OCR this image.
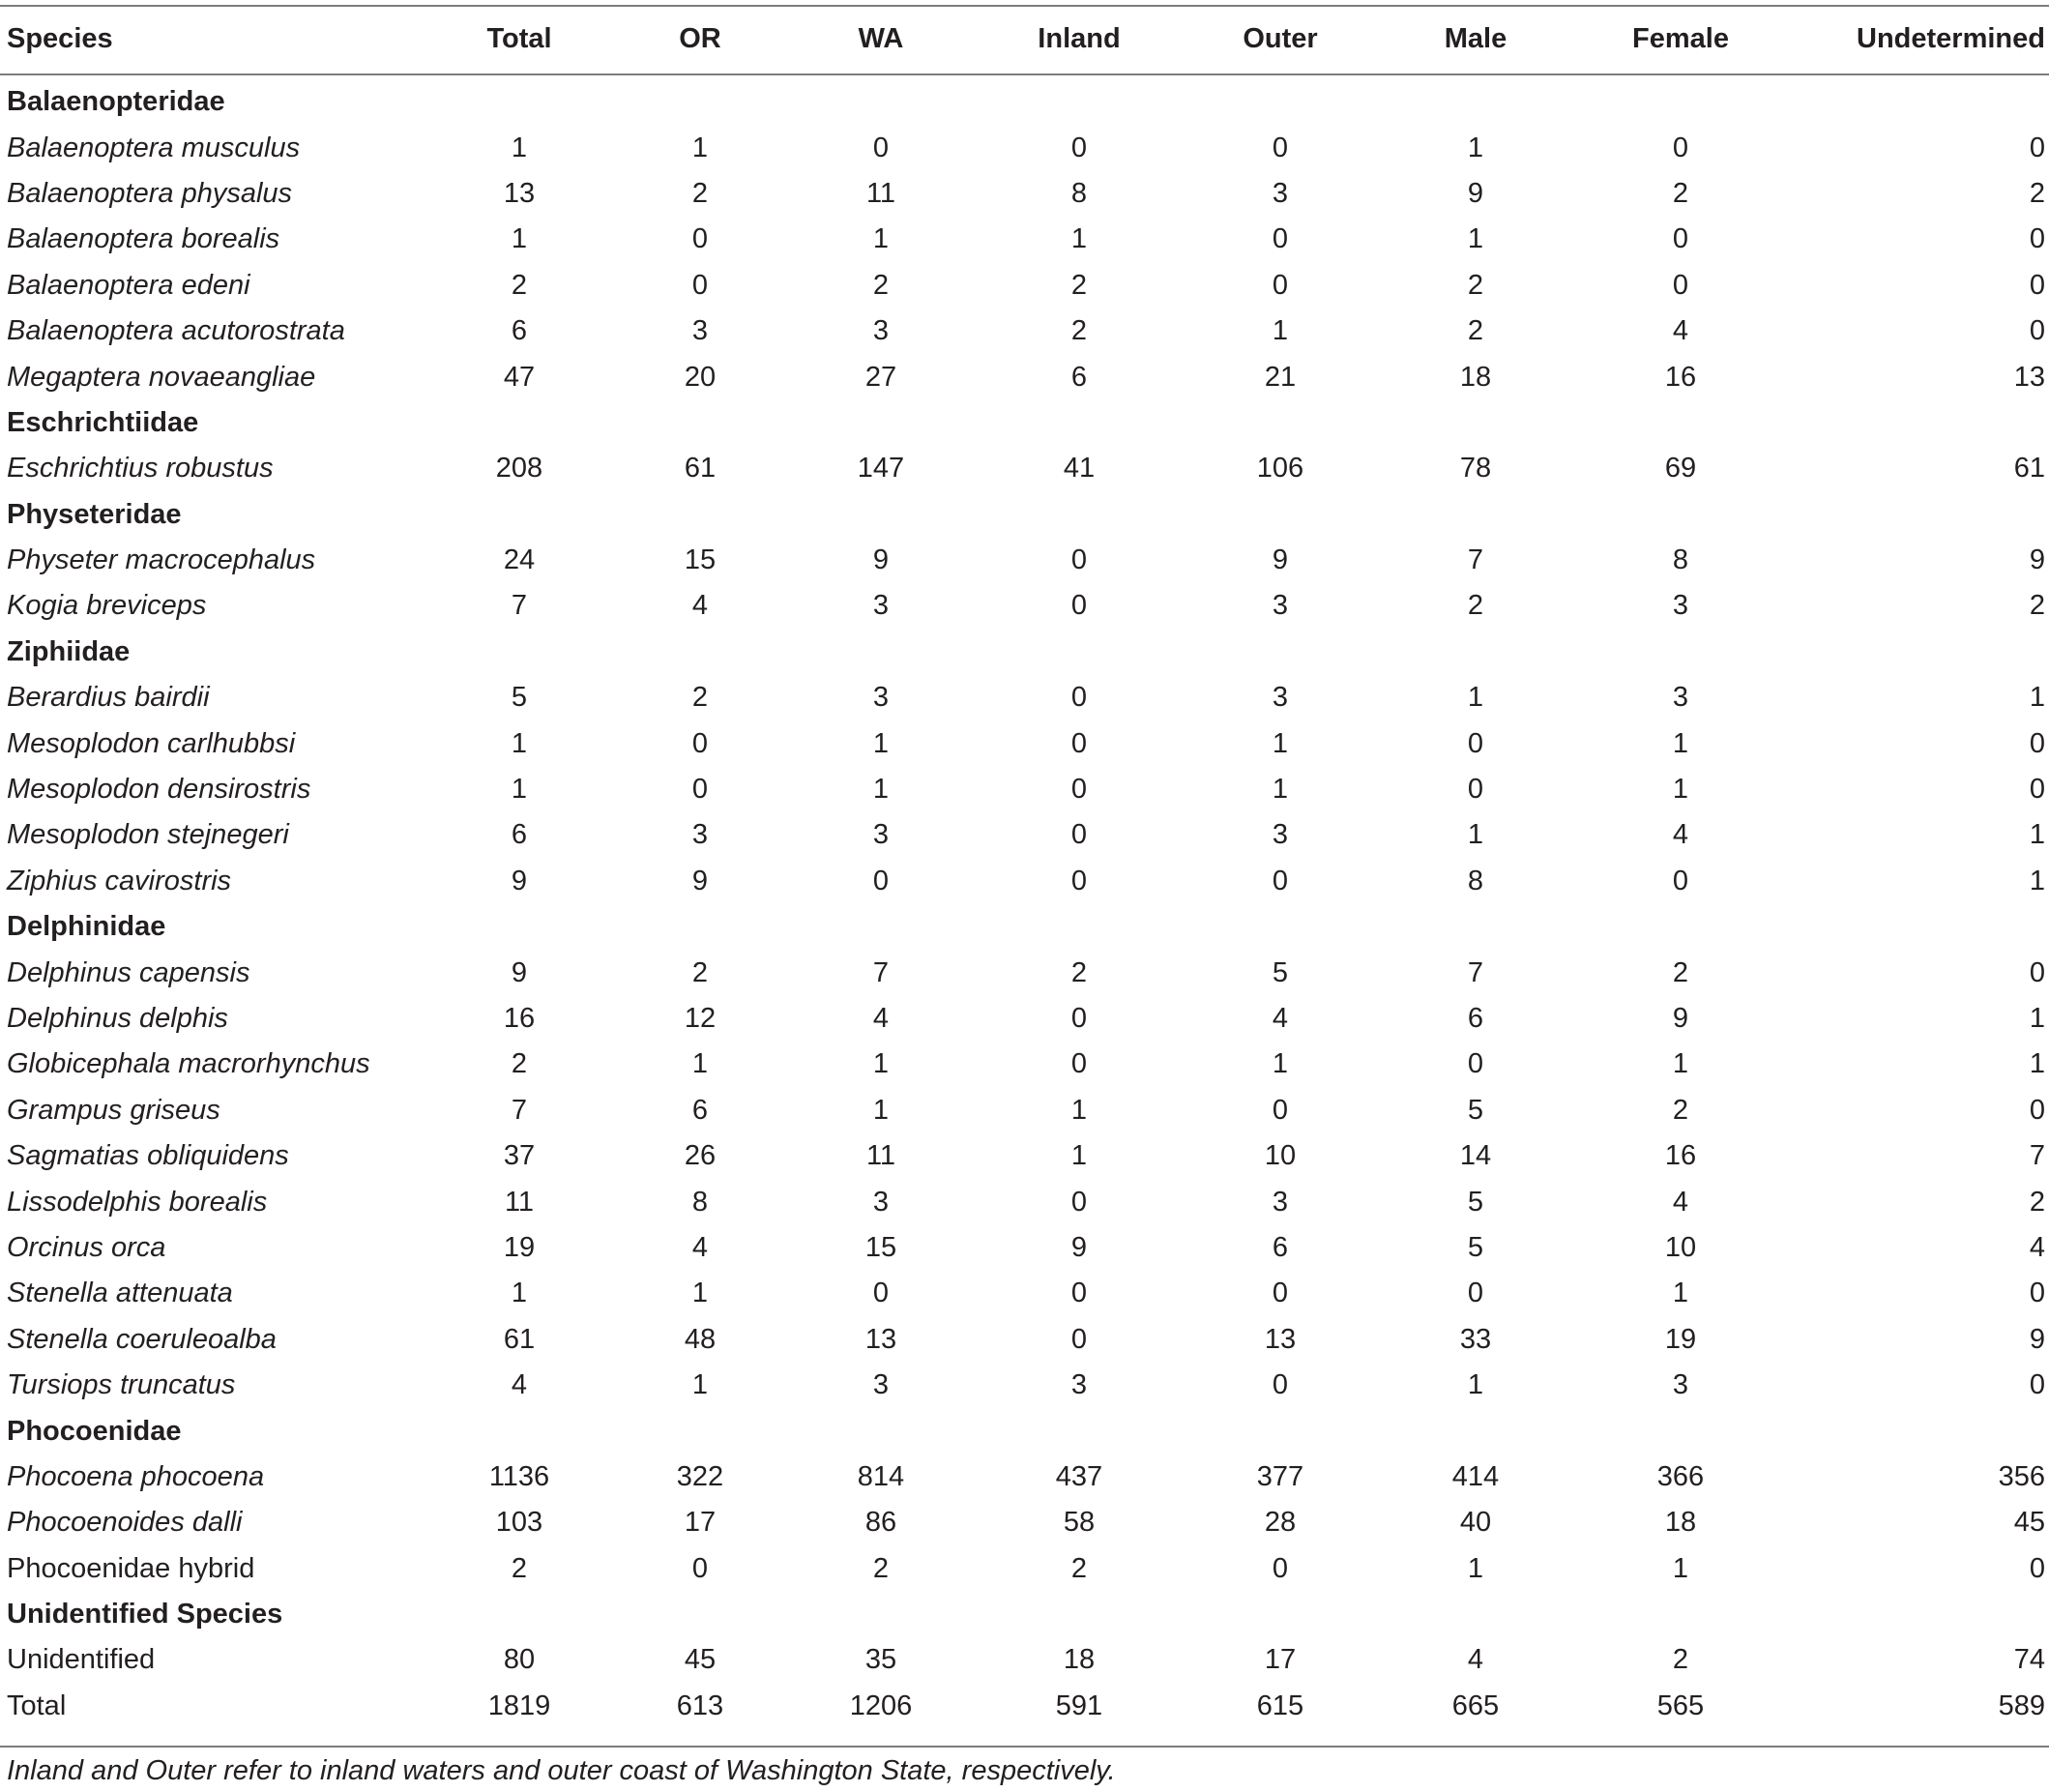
Species	Total	OR	WA	Inland	Outer	Male	Female	Undetermined

Balaenopteridae								
Balaenoptera musculus	1	1	0	0	0	1	0	0
Balaenoptera physalus	13	2	11	8	3	9	2	2
Balaenoptera borealis	1	0	1	1	0	1	0	0
Balaenoptera edeni	2	0	2	2	0	2	0	0
Balaenoptera acutorostrata	6	3	3	2	1	2	4	0
Megaptera novaeangliae	47	20	27	6	21	18	16	13
Eschrichtiidae								
Eschrichtius robustus	208	61	147	41	106	78	69	61
Physeteridae								
Physeter macrocephalus	24	15	9	0	9	7	8	9
Kogia breviceps	7	4	3	0	3	2	3	2
Ziphiidae								
Berardius bairdii	5	2	3	0	3	1	3	1
Mesoplodon carlhubbsi	1	0	1	0	1	0	1	0
Mesoplodon densirostris	1	0	1	0	1	0	1	0
Mesoplodon stejnegeri	6	3	3	0	3	1	4	1
Ziphius cavirostris	9	9	0	0	0	8	0	1
Delphinidae								
Delphinus capensis	9	2	7	2	5	7	2	0
Delphinus delphis	16	12	4	0	4	6	9	1
Globicephala macrorhynchus	2	1	1	0	1	0	1	1
Grampus griseus	7	6	1	1	0	5	2	0
Sagmatias obliquidens	37	26	11	1	10	14	16	7
Lissodelphis borealis	11	8	3	0	3	5	4	2
Orcinus orca	19	4	15	9	6	5	10	4
Stenella attenuata	1	1	0	0	0	0	1	0
Stenella coeruleoalba	61	48	13	0	13	33	19	9
Tursiops truncatus	4	1	3	3	0	1	3	0
Phocoenidae								
Phocoena phocoena	1136	322	814	437	377	414	366	356
Phocoenoides dalli	103	17	86	58	28	40	18	45
Phocoenidae hybrid	2	0	2	2	0	1	1	0
Unidentified Species								
Unidentified	80	45	35	18	17	4	2	74
Total	1819	613	1206	591	615	665	565	589
Inland and Outer refer to inland waters and outer coast of Washington State, respectively.
